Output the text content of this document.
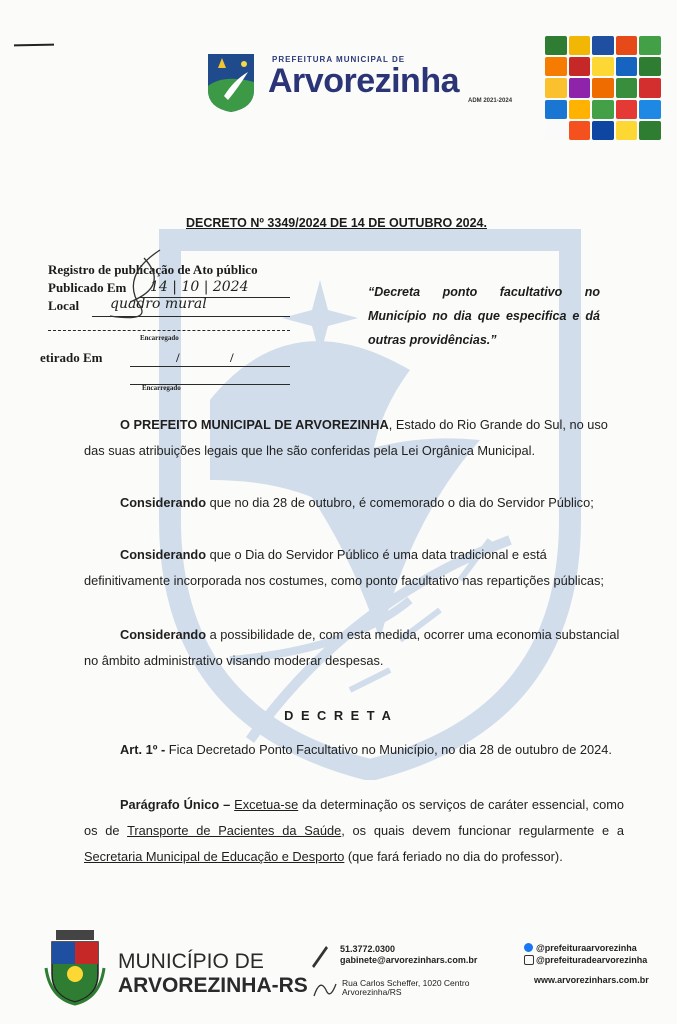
PREFEITURA MUNICIPAL DE
Arvorezinha
ADM 2021-2024
DECRETO Nº 3349/2024 DE 14 DE OUTUBRO 2024.
Registro de publicação de Ato público
Publicado Em 14 | 10 | 2024
Local quadro mural
Encarregado
etirado Em	/	/
Encarregado
“Decreta ponto facultativo no Município no dia que especifica e dá outras providências.”
O PREFEITO MUNICIPAL DE ARVOREZINHA, Estado do Rio Grande do Sul, no uso das suas atribuições legais que lhe são conferidas pela Lei Orgânica Municipal.
Considerando que no dia 28 de outubro, é comemorado o dia do Servidor Público;
Considerando que o Dia do Servidor Público é uma data tradicional e está definitivamente incorporada nos costumes, como ponto facultativo nas repartições públicas;
Considerando a possibilidade de, com esta medida, ocorrer uma economia substancial no âmbito administrativo visando moderar despesas.
D E C R E T A
Art. 1º - Fica Decretado Ponto Facultativo no Município, no dia 28 de outubro de 2024.
Parágrafo Único – Excetua-se da determinação os serviços de caráter essencial, como os de Transporte de Pacientes da Saúde, os quais devem funcionar regularmente e a Secretaria Municipal de Educação e Desporto (que fará feriado no dia do professor).
MUNICÍPIO DE
ARVOREZINHA-RS
51.3772.0300
gabinete@arvorezinhars.com.br
Rua Carlos Scheffer, 1020 Centro
Arvorezinha/RS
@prefeituraarvorezinha
@prefeituradearvorezinha
www.arvorezinhars.com.br
